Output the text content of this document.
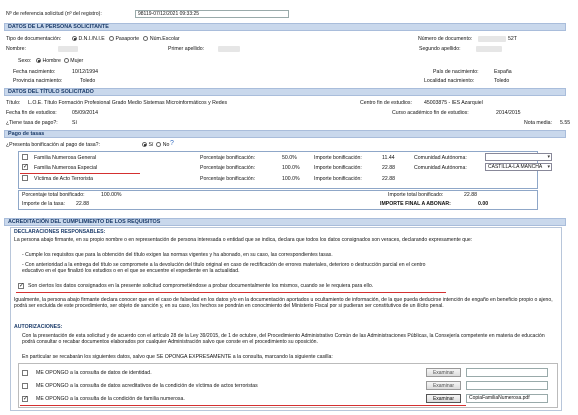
Nº de referencia solicitud (nº del registro):	98119-07/12/2021 09:33:25
DATOS DE LA PERSONA SOLICITANTE
Tipo de documentación:	D.N.I./N.I.E Pasaporte Núm.Escolar	Número de documento:	52T
Nombre:	Primer apellido:	Segundo apellido:
Sexo:	Hombre Mujer
Fecha nacimiento:	10/12/1994	País de nacimiento:	España
Provincia nacimiento:	Toledo	Localidad nacimiento:	Toledo
DATOS DEL TÍTULO SOLICITADO
Título: L.O.E. Título Formación Profesional Grado Medio Sistemas Microinformáticos y Redes	Centro fin de estudios: 45003875 - IES Azarquiel
Fecha fin de estudios:	05/09/2014	Curso académico fin de estudios:	2014/2015
¿Tiene tasa de pago?:	Sí	Nota media: 5.55
Pago de tasas
¿Presenta bonificación al pago de tasa?:	Sí No ?
Familia Numerosa General	Porcentaje bonificación:	50.0%	Importe bonificación:	11.44	Comunidad Autónoma:	▾
✓ Familia Numerosa Especial	Porcentaje bonificación:	100.0%	Importe bonificación:	22.88	Comunidad Autónoma:	CASTILLA-LA MANCHA ▾
Víctima de Acto Terrorista	Porcentaje bonificación:	100.0%	Importe bonificación:	22.88
Porcentaje total bonificado:	100.00%	Importe total bonificado:	22.88
Importe de la tasa: 22.88	IMPORTE FINAL A ABONAR:	0.00
ACREDITACIÓN DEL CUMPLIMIENTO DE LOS REQUISITOS
DECLARACIONES RESPONSABLES:
La persona abajo firmante, en su propio nombre o en representación de persona interesada o entidad que se indica, declara que todos los datos consignados son veraces, declarando expresamente que:
- Cumple los requisitos que para la obtención del título exigen las normas vigentes y ha abonado, en su caso, las correspondientes tasas.
- Con anterioridad a la entrega del título se compromete a la devolución del título original en caso de rectificación de errores materiales, deterioro o destrucción parcial en el centro educativo en el que finalizó los estudios o en el que se encuentre el expediente en la actualidad.
✓ Son ciertos los datos consignados en la presente solicitud comprometiéndose a probar documentalmente los mismos, cuando se le requiera para ello.
Igualmente, la persona abajo firmante declara conocer que en el caso de falsedad en los datos y/o en la documentación aportados u ocultamiento de información, de la que pueda deducirse intención de engaño en beneficio propio o ajeno, podrá ser excluida de este procedimiento, ser objeto de sanción y, en su caso, los hechos se pondrán en conocimiento del Ministerio Fiscal por si pudieran ser constitutivos de un ilícito penal.
AUTORIZACIONES:
Con la presentación de esta solicitud y de acuerdo con el artículo 28 de la Ley 39/2015, de 1 de octubre, del Procedimiento Administrativo Común de las Administraciones Públicas, la Consejería competente en materia de educación podrá consultar o recabar documentos elaborados por cualquier Administración salvo que conste en el procedimiento su oposición.
En particular se recabarán los siguientes datos, salvo que SE OPONGA EXPRESAMENTE a la consulta, marcando la siguiente casilla:
ME OPONGO a la consulta de datos de identidad.	Examinar
ME OPONGO a la consulta de datos acreditativos de la condición de víctima de actos terroristas	Examinar
✓ ME OPONGO a la consulta de la condición de familia numerosa.	Examinar	CopiaFamiliaNumerosa.pdf
